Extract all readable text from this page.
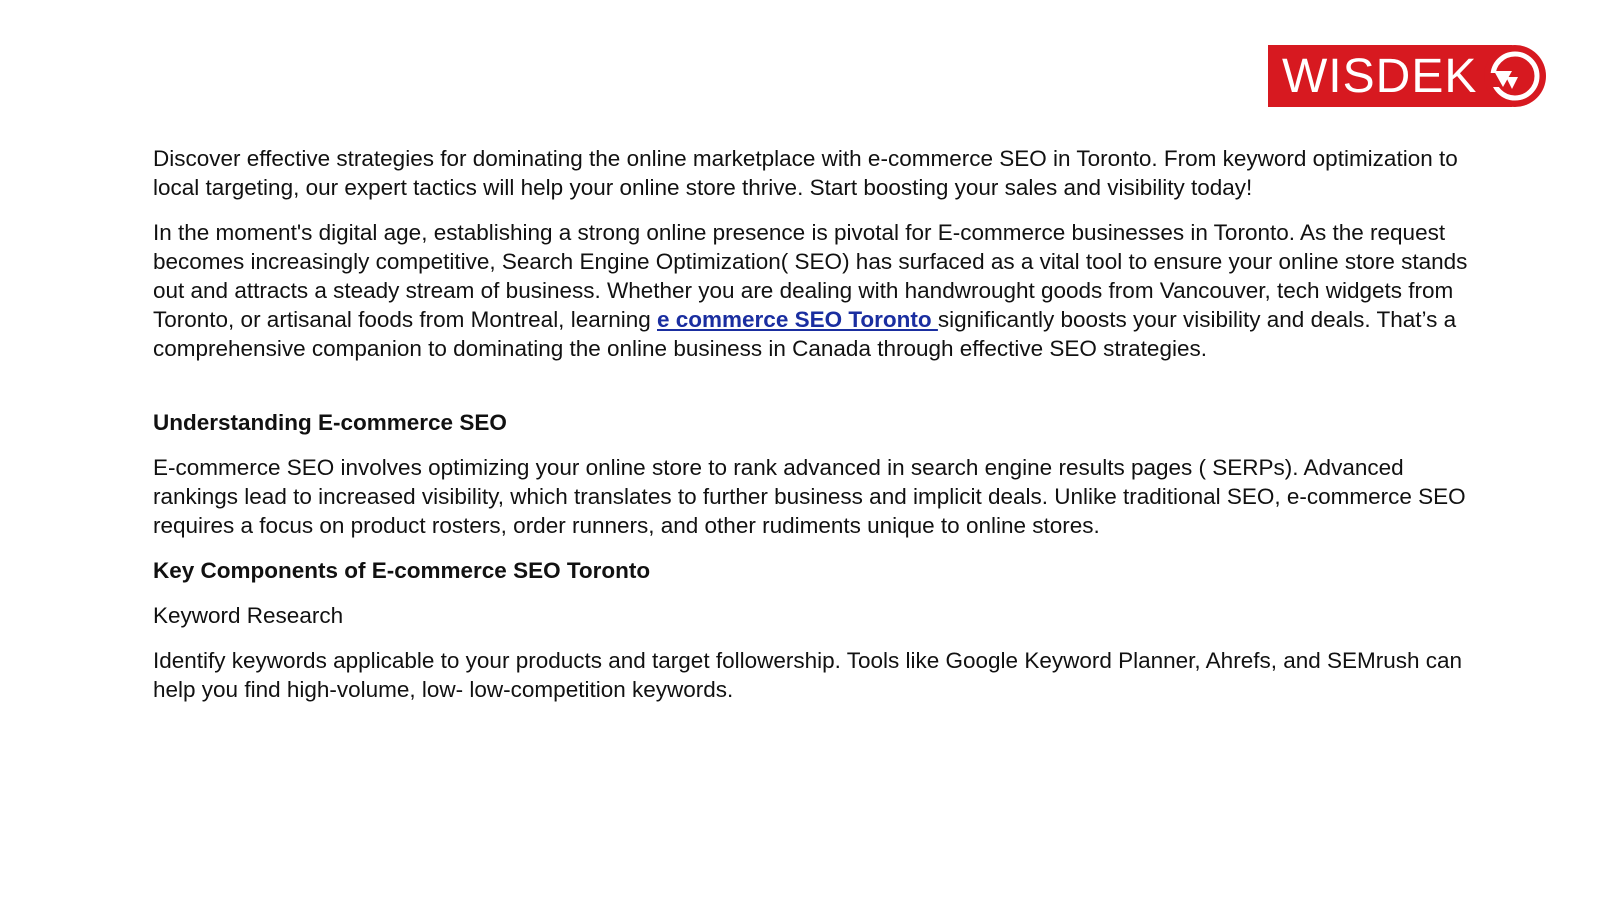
WISDEK

Discover effective strategies for dominating the online marketplace with e-commerce SEO in Toronto. From keyword optimization to local targeting, our expert tactics will help your online store thrive. Start boosting your sales and visibility today!

In the moment's digital age, establishing a strong online presence is pivotal for E-commerce businesses in Toronto. As the request becomes increasingly competitive, Search Engine Optimization( SEO) has surfaced as a vital tool to ensure your online store stands out and attracts a steady stream of business. Whether you are dealing with handwrought goods from Vancouver, tech widgets from Toronto, or artisanal foods from Montreal, learning e commerce SEO Toronto significantly boosts your visibility and deals. That’s a comprehensive companion to dominating the online business in Canada through effective SEO strategies.

Understanding E-commerce SEO

E-commerce SEO involves optimizing your online store to rank advanced in search engine results pages ( SERPs). Advanced rankings lead to increased visibility, which translates to further business and implicit deals. Unlike traditional SEO, e-commerce SEO requires a focus on product rosters, order runners, and other rudiments unique to online stores.

Key Components of E-commerce SEO Toronto

Keyword Research

Identify keywords applicable to your products and target followership. Tools like Google Keyword Planner, Ahrefs, and SEMrush can help you find high-volume, low- low-competition keywords.
